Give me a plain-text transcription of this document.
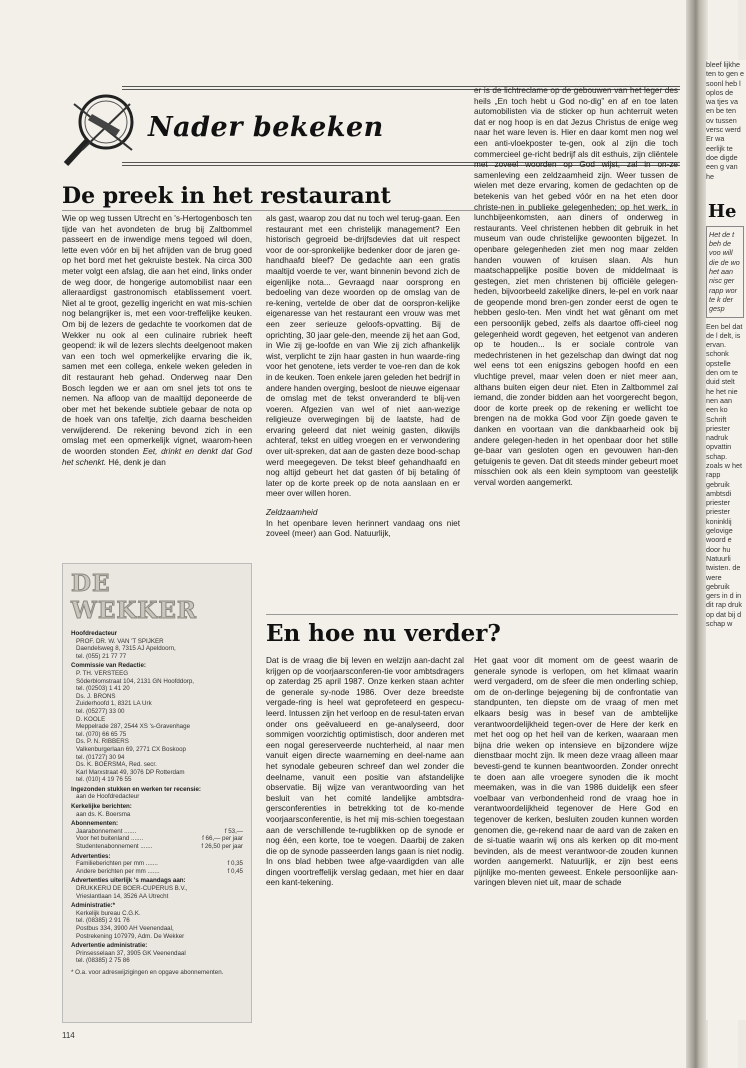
Nader bekeken
De preek in het restaurant

Wie op weg tussen Utrecht en 's-Hertogenbosch ten tijde van het avondeten de brug bij Zaltbommel passeert en de inwendige mens tegoed wil doen, lette even vóór en bij het afrijden van de brug goed op het bord met het gekruiste bestek. Na circa 300 meter volgt een afslag, die aan het eind, links onder de weg door, de hongerige automobilist naar een alleraardigst gastronomisch etablissement voert. Niet al te groot, gezellig ingericht en wat mis-schien nog belangrijker is, met een voor-treffelijke keuken. Om bij de lezers de gedachte te voorkomen dat de Wekker nu ook al een culinaire rubriek heeft geopend: ik wil de lezers slechts deelgenoot maken van een toch wel opmerkelijke ervaring die ik, samen met een collega, enkele weken geleden in dit restaurant heb gehad. Onderweg naar Den Bosch legden we er aan om snel jets tot ons te nemen. Na afloop van de maaltijd deponeerde de ober met het bekende subtiele gebaar de nota op de hoek van ons tafeltje, zich daarna bescheiden verwijderend. De rekening bevond zich in een omslag met een opmerkelijk vignet, waarom-heen de woorden stonden Eet, drinkt en denkt dat God het schenkt. Hé, denk je dan

als gast, waarop zou dat nu toch wel terug-gaan. Een restaurant met een christelijk management? Een historisch gegroeid be-drijfsdevies dat uit respect voor de oor-spronkelijke bedenker door de jaren ge-handhaafd bleef? De gedachte aan een gratis maaltijd voerde te ver, want binnenin bevond zich de eigenlijke nota... Gevraagd naar oorsprong en bedoeling van deze woorden op de omslag van de re-kening, vertelde de ober dat de oorspron-kelijke eigenaresse van het restaurant een vrouw was met een zeer serieuze geloofs-opvatting. Bij de oprichting, 30 jaar gele-den, meende zij het aan God, in Wie zij ge-loofde en van Wie zij zich afhankelijk wist, verplicht te zijn haar gasten in hun waarde-ring voor het genotene, iets verder te voe-ren dan de kok in de keuken. Toen enkele jaren geleden het bedrijf in andere handen overging, besloot de nieuwe eigenaar de omslag met de tekst onveranderd te blij-ven voeren. Afgezien van wel of niet aan-wezige religieuze overwegingen bij de laatste, had de ervaring geleerd dat niet weinig gasten, dikwijls achteraf, tekst en uitleg vroegen en er verwondering over uit-spreken, dat aan de gasten deze bood-schap werd meegegeven. De tekst bleef gehandhaafd en nog altijd gebeurt het dat gasten óf bij betaling óf later op de korte preek op de nota aanslaan en er meer over willen horen.

Zeldzaamheid

In het openbare leven herinnert vandaag ons niet zoveel (meer) aan God. Natuurlijk,

er is de lichtreclame op de gebouwen van het leger des heils „En toch hebt u God no-dig” en af en toe laten automobilisten via de sticker op hun achterruit weten dat er nog hoop is en dat Jezus Christus de enige weg naar het ware leven is. Hier en daar komt men nog wel een anti-vloekposter te-gen, ook al zijn die toch commercieel ge-richt bedrijf als dit esthuis, zijn cliëntele met zoveel woorden op God wijst, zal in on-ze samenleving een zeldzaamheid zijn. Weer tussen de wielen met deze ervaring, komen de gedachten op de betekenis van het gebed vóór en na het eten door christe-nen in publieke gelegenheden; op het werk, in lunchbijeenkomsten, aan diners of onderweg in restaurants. Veel christenen hebben dit gebruik in het museum van oude christelijke gewoonten bijgezet. In openbare gelegenheden ziet men nog maar zelden handen vouwen of kruisen slaan. Als hun maatschappelijke positie boven de middelmaat is gestegen, ziet men christenen bij officiële gelegen-heden, bijvoorbeeld zakelijke diners, le-pel en vork naar de geopende mond bren-gen zonder eerst de ogen te hebben geslo-ten. Men vindt het wat gênant om met een persoonlijk gebed, zelfs als daartoe offi-cieel nog gelegenheid wordt gegeven, het eetgenot van anderen op te houden... Is er sociale controle van medechristenen in het gezelschap dan dwingt dat nog wel eens tot een enigszins gebogen hoofd en een vluchtige prevel, maar velen doen er niet meer aan, althans buiten eigen deur niet. Eten in Zaltbommel zal iemand, die zonder bidden aan het voorgerecht begon, door de korte preek op de rekening er wellicht toe brengen na de mokka God voor Zijn goede gaven te danken en voortaan van die dankbaarheid ook bij andere gelegen-heden in het openbaar door het stille ge-baar van gesloten ogen en gevouwen han-den getuigenis te geven. Dat dit steeds minder gebeurt moet misschien ook als een klein symptoom van geestelijk verval worden aangemerkt.

En hoe nu verder?

Dat is de vraag die bij leven en welzijn aan-dacht zal krijgen op de voorjaarsconferen-tie voor ambtsdragers op zaterdag 25 april 1987. Onze kerken staan achter de generale sy-node 1986. Over deze breedste vergade-ring is heel wat geprofeteerd en gespecu-leerd. Intussen zijn het verloop en de resul-taten ervan onder ons geëvalueerd en ge-analyseerd, door sommigen voorzichtig optimistisch, door anderen met een nogal gereserveerde nuchterheid, al naar men vanuit eigen directe waarneming en deel-name aan het synodale gebeuren schreef dan wel zonder die deelname, vanuit een positie van afstandelijke observatie. Bij wijze van verantwoording van het besluit van het comité landelijke ambtsdra-gersconferenties in betrekking tot de ko-mende voorjaarsconferentie, is het mij mis-schien toegestaan aan de verschillende te-rugblikken op de synode er nog één, een korte, toe te voegen. Daarbij de zaken die op de synode passeerden langs gaan is niet nodig. In ons blad hebben twee afge-vaardigden van alle dingen voortreffelijk verslag gedaan, met hier en daar een kant-tekening.

Het gaat voor dit moment om de geest waarin de generale synode is verlopen, om het klimaat waarin werd vergaderd, om de sfeer die men onderling schiep, om de on-derlinge bejegening bij de confrontatie van standpunten, ten diepste om de vraag of men met elkaars besig was in besef van de ambtelijke verantwoordelijkheid tegen-over de Here der kerk en met het oog op het heil van de kerken, waaraan men bijna drie weken op intensieve en bijzondere wijze dienstbaar mocht zijn. Ik meen deze vraag alleen maar bevesti-gend te kunnen beantwoorden. Zonder onrecht te doen aan alle vroegere synoden die ik mocht meemaken, was in die van 1986 duidelijk een sfeer voelbaar van verbondenheid rond de vraag hoe in verantwoordelijkheid tegenover de Here God en tegenover de kerken, besluiten zouden kunnen worden genomen die, ge-rekend naar de aard van de zaken en de si-tuatie waarin wij ons als kerken op dit mo-ment bevinden, als de meest verantwoor-de zouden kunnen worden aangemerkt. Natuurlijk, er zijn best eens pijnlijke mo-menten geweest. Enkele persoonlijke aan-varingen bleven niet uit, maar de schade

DE WEKKER
Hoofdredacteur
PROF. DR. W. VAN 'T SPIJKER
Daendelsweg 8, 7315 AJ Apeldoorn,
tel. (055) 21 77 77
Commissie van Redactie:
P. TH. VERSTEEG
Söderblomstraat 104, 2131 GN Hoofddorp,
tel. (02503) 1 41 20
Ds. J. BRONS
Zuiderhoofd 1, 8321 LA Urk
tel. (05277) 33 00
D. KOOLE
Meppelrade 287, 2544 XS 's-Gravenhage
tel. (070) 66 65 75
Ds. P. N. RIBBERS
Valkenburgerlaan 69, 2771 CX Boskoop
tel. (01727) 30 94
Ds. K. BOERSMA, Red. secr.
Karl Marxstraat 49, 3076 DP Rotterdam
tel. (010) 4 19 76 55
Ingezonden stukken en werken ter recensie:
aan de Hoofdredacteur
Kerkelijke berichten:
aan ds. K. Boersma
Abonnementen:
Jaarabonnement .......	f 53,—
Voor het buitenland .......	f 66,— per jaar
Studentenabonnement .......	f 26,50 per jaar
Advertenties:
Familieberichten per mm .......	f 0,35
Andere berichten per mm .......	f 0,45
Advertenties uiterlijk 's maandags aan:
DRUKKERIJ DE BOER-CUPERUS B.V.,
Vrieslantlaan 14, 3526 AA Utrecht
Administratie:*
Kerkelijk bureau C.G.K.
tel. (08385) 2 91 76
Postbus 334, 3900 AH Veenendaal,
Postrekening 107979, Adm. De Wekker
Advertentie administratie:
Prinsesselaan 37, 3905 GK Veenendaal
tel. (08385) 2 75 86
* O.a. voor adreswijzigingen en opgave abonnementen.
114
bleef lijkhe ten to gen e soonl heb l oplos de wa tjes va en be ten ov tussen versc werd Er wa eerlijk te doe digde een g van he
He
Het de t beh de voo will die de wo het aan nisc ger rapp wor te k der gesp
Een bel dat de l delt, is ervan. schonk opstelle den om te duid stelt he het nie nen aan een ko Schrift priester nadruk opvattin schap. zoals w het rapp gebruik ambtsdi priester priester koninklij gelovige woord e door hu Natuurli twisten. de were gebruik gers in d in dit rap druk op dat bij d schap w
